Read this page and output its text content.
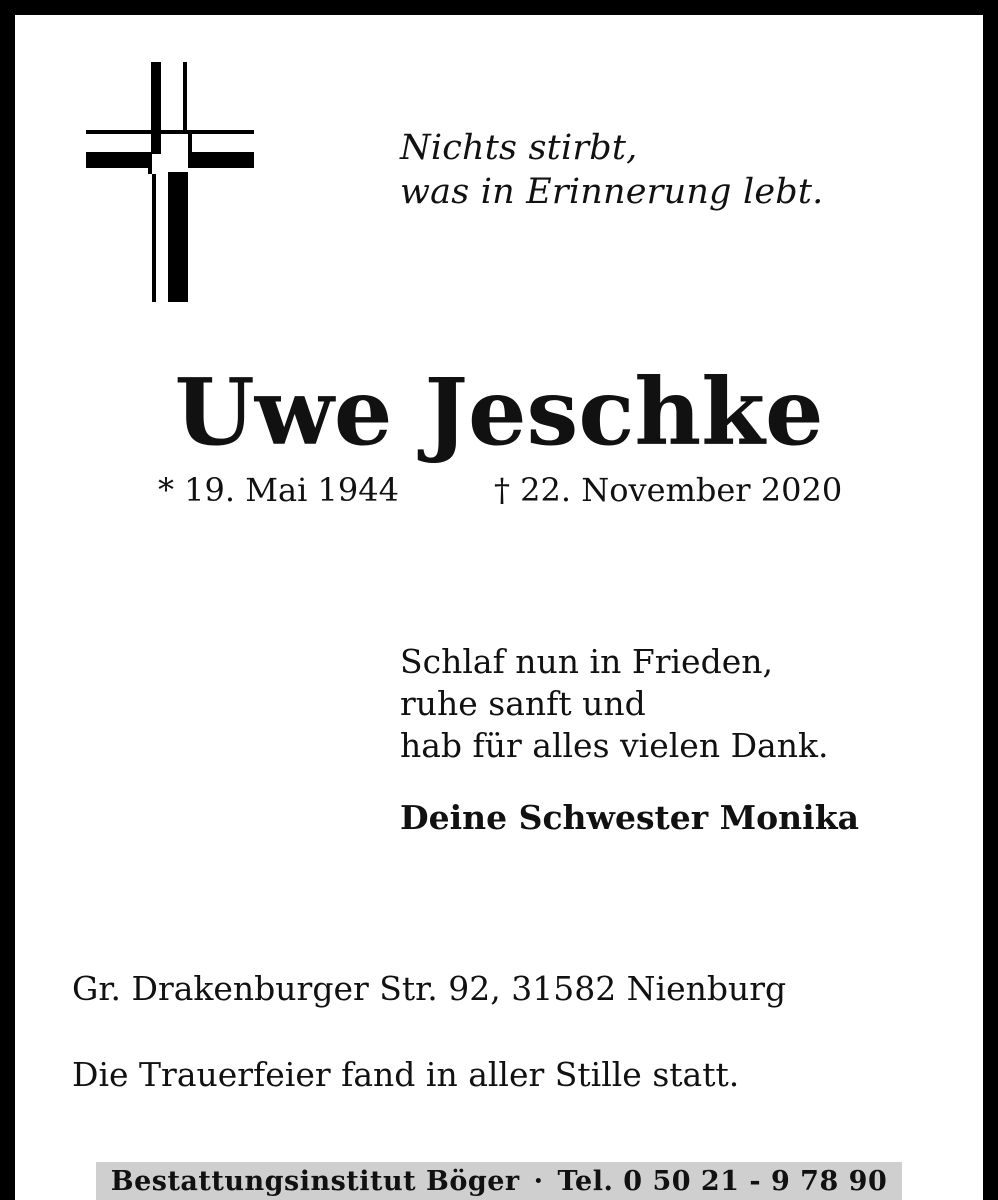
Nichts stirbt,
was in Erinnerung lebt.
Uwe Jeschke
* 19. Mai 1944	† 22. November 2020
Schlaf nun in Frieden,
ruhe sanft und
hab für alles vielen Dank.
Deine Schwester Monika
Gr. Drakenburger Str. 92, 31582 Nienburg
Die Trauerfeier fand in aller Stille statt.
Bestattungsinstitut Böger · Tel. 0 50 21 - 9 78 90
